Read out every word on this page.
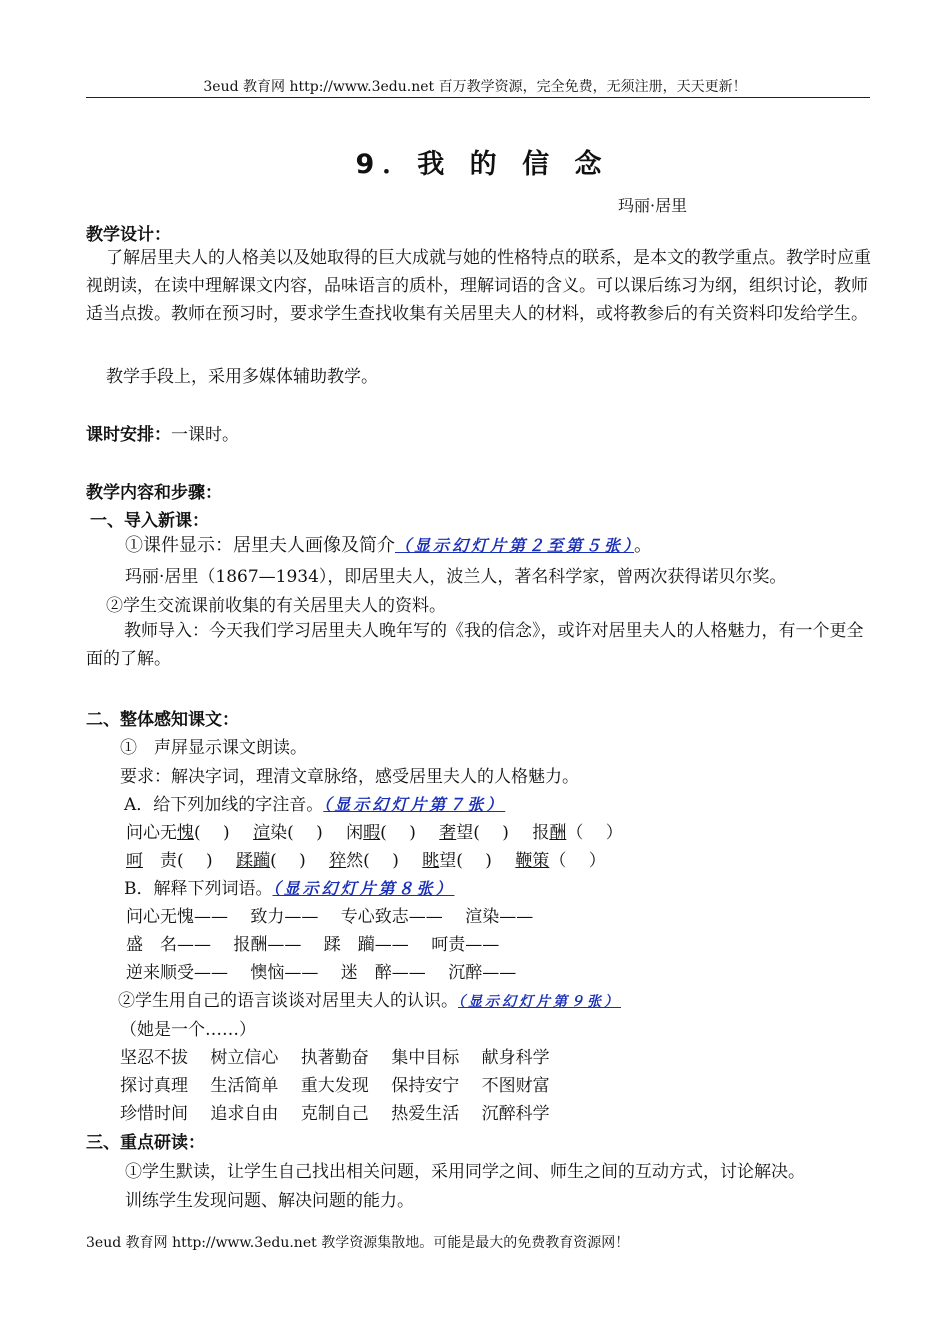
3eud 教育网 http://www.3edu.net 百万教学资源，完全免费，无须注册，天天更新！
9．我 的 信 念
玛丽·居里
教学设计：
了解居里夫人的人格美以及她取得的巨大成就与她的性格特点的联系，是本文的教学重点。教学时应重视朗读，在读中理解课文内容，品味语言的质朴，理解词语的含义。可以课后练习为纲，组织讨论，教师适当点拨。教师在预习时，要求学生查找收集有关居里夫人的材料，或将教参后的有关资料印发给学生。
教学手段上，采用多媒体辅助教学。
课时安排：一课时。
教学内容和步骤：
一、导入新课：
①课件显示：居里夫人画像及简介（显示幻灯片第２至第５张）。
玛丽·居里（1867—1934），即居里夫人，波兰人，著名科学家，曾两次获得诺贝尔奖。
②学生交流课前收集的有关居里夫人的资料。
教师导入：今天我们学习居里夫人晚年写的《我的信念》，或许对居里夫人的人格魅力，有一个更全面的了解。
二、整体感知课文：
①　声屏显示课文朗读。
要求：解决字词，理清文章脉络，感受居里夫人的人格魅力。
A．给下列加线的字注音。（显示幻灯片第７张）
问心无愧(　 ) 渲染(　 ) 闲暇(　 ) 奢望(　 ) 报酬（　 ）
呵　责(　 ) 蹂躏(　 ) 猝然(　 ) 眺望(　 ) 鞭策（　 ）
B．解释下列词语。（显示幻灯片第８张）
问心无愧——　 致力——　 专心致志——　 渲染——
盛　名——　 报酬——　 蹂　躏——　 呵责——
逆来顺受——　 懊恼——　 迷　醉——　 沉醉——
②学生用自己的语言谈谈对居里夫人的认识。（显示幻灯片第９张）
（她是一个……）
坚忍不拔　 树立信心　 执著勤奋　 集中目标　 献身科学
探讨真理　 生活简单　 重大发现　 保持安宁　 不图财富
珍惜时间　 追求自由　 克制自己　 热爱生活　 沉醉科学
三、重点研读：
①学生默读，让学生自己找出相关问题，采用同学之间、师生之间的互动方式，讨论解决。
训练学生发现问题、解决问题的能力。
3eud 教育网 http://www.3edu.net 教学资源集散地。可能是最大的免费教育资源网！
